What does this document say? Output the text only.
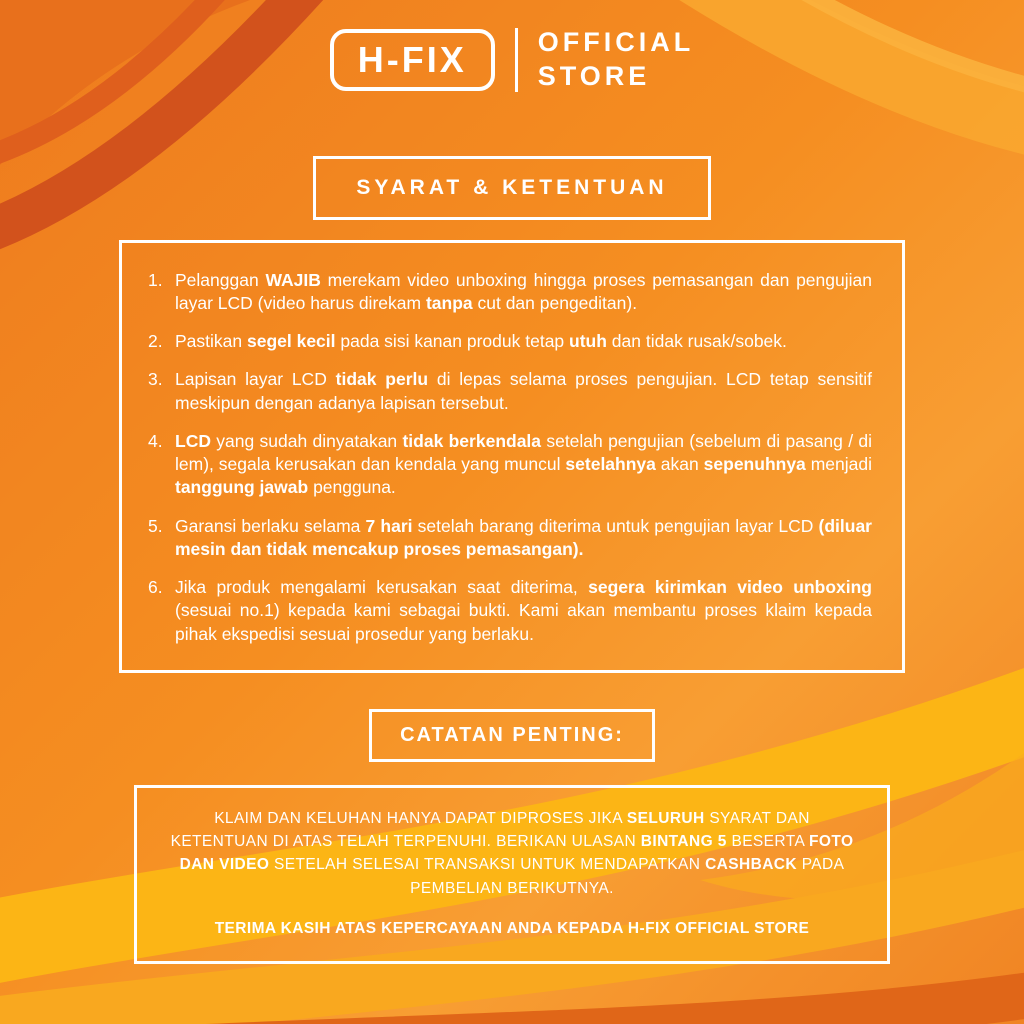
H-FIX	OFFICIAL
STORE
SYARAT & KETENTUAN
1. Pelanggan WAJIB merekam video unboxing hingga proses pemasangan dan pengujian layar LCD (video harus direkam tanpa cut dan pengeditan).
2. Pastikan segel kecil pada sisi kanan produk tetap utuh dan tidak rusak/sobek.
3. Lapisan layar LCD tidak perlu di lepas selama proses pengujian. LCD tetap sensitif meskipun dengan adanya lapisan tersebut.
4. LCD yang sudah dinyatakan tidak berkendala setelah pengujian (sebelum di pasang / di lem), segala kerusakan dan kendala yang muncul setelahnya akan sepenuhnya menjadi tanggung jawab pengguna.
5. Garansi berlaku selama 7 hari setelah barang diterima untuk pengujian layar LCD (diluar mesin dan tidak mencakup proses pemasangan).
6. Jika produk mengalami kerusakan saat diterima, segera kirimkan video unboxing (sesuai no.1) kepada kami sebagai bukti. Kami akan membantu proses klaim kepada pihak ekspedisi sesuai prosedur yang berlaku.
CATATAN PENTING:
KLAIM DAN KELUHAN HANYA DAPAT DIPROSES JIKA SELURUH SYARAT DAN KETENTUAN DI ATAS TELAH TERPENUHI. BERIKAN ULASAN BINTANG 5 BESERTA FOTO DAN VIDEO SETELAH SELESAI TRANSAKSI UNTUK MENDAPATKAN CASHBACK PADA PEMBELIAN BERIKUTNYA.
TERIMA KASIH ATAS KEPERCAYAAN ANDA KEPADA H-FIX OFFICIAL STORE
